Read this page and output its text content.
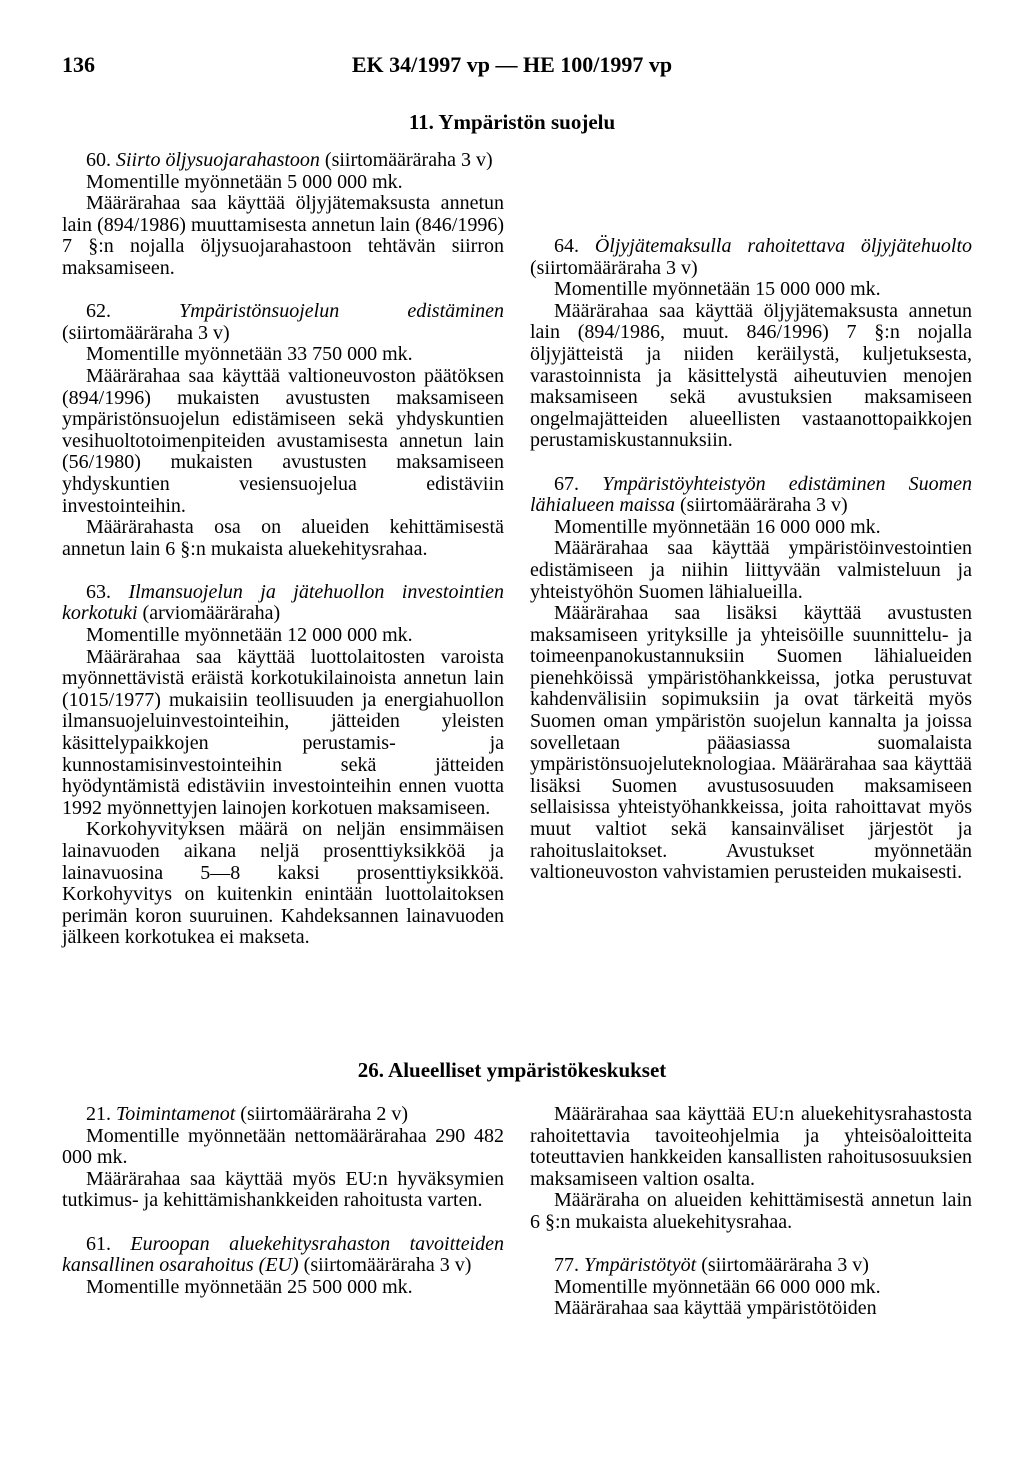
136	EK 34/1997 vp — HE 100/1997 vp
11. Ympäristön suojelu
60. Siirto öljysuojarahastoon (siirtomääräraha 3 v)
Momentille myönnetään 5 000 000 mk.
Määrärahaa saa käyttää öljyjätemaksusta annetun lain (894/1986) muuttamisesta annetun lain (846/1996) 7 §:n nojalla öljysuojarahastoon tehtävän siirron maksamiseen.
62.	Ympäristönsuojelun edistäminen (siirtomääräraha 3 v)
Momentille myönnetään 33 750 000 mk.
Määrärahaa saa käyttää valtioneuvoston päätöksen (894/1996) mukaisten avustusten maksamiseen ympäristönsuojelun edistämiseen sekä yhdyskuntien vesihuoltotoimenpiteiden avustamisesta annetun lain (56/1980) mukaisten avustusten maksamiseen yhdyskuntien vesiensuojelua edistäviin investointeihin.
Määrärahasta osa on alueiden kehittämisestä annetun lain 6 §:n mukaista aluekehitysrahaa.
63. Ilmansuojelun ja jätehuollon investointien korkotuki (arviomääräraha)
Momentille myönnetään 12 000 000 mk.
Määrärahaa saa käyttää luottolaitosten varoista myönnettävistä eräistä korkotukilainoista annetun lain (1015/1977) mukaisiin teollisuuden ja energiahuollon ilmansuojeluinvestointeihin, jätteiden yleisten käsittelypaikkojen perustamis- ja kunnostamisinvestointeihin sekä jätteiden hyödyntämistä edistäviin investointeihin ennen vuotta 1992 myönnettyjen lainojen korkotuen maksamiseen.
Korkohyvityksen määrä on neljän ensimmäisen lainavuoden aikana neljä prosenttiyksikköä ja lainavuosina 5—8 kaksi prosenttiyksikköä. Korkohyvitys on kuitenkin enintään luottolaitoksen perimän koron suuruinen. Kahdeksannen lainavuoden jälkeen korkotukea ei makseta.
64. Öljyjätemaksulla rahoitettava öljyjätehuolto (siirtomääräraha 3 v)
Momentille myönnetään 15 000 000 mk.
Määrärahaa saa käyttää öljyjätemaksusta annetun lain (894/1986, muut. 846/1996) 7 §:n nojalla öljyjätteistä ja niiden keräilystä, kuljetuksesta, varastoinnista ja käsittelystä aiheutuvien menojen maksamiseen sekä avustuksien maksamiseen ongelmajätteiden alueellisten vastaanottopaikkojen perustamiskustannuksiin.
67. Ympäristöyhteistyön edistäminen Suomen lähialueen maissa (siirtomääräraha 3 v)
Momentille myönnetään 16 000 000 mk.
Määrärahaa saa käyttää ympäristöinvestointien edistämiseen ja niihin liittyvään valmisteluun ja yhteistyöhön Suomen lähialueilla.
Määrärahaa saa lisäksi käyttää avustusten maksamiseen yrityksille ja yhteisöille suunnittelu- ja toimeenpanokustannuksiin Suomen lähialueiden pienehköissä ympäristöhankkeissa, jotka perustuvat kahdenvälisiin sopimuksiin ja ovat tärkeitä myös Suomen oman ympäristön suojelun kannalta ja joissa sovelletaan pääasiassa suomalaista ympäristönsuojeluteknologiaa. Määrärahaa saa käyttää lisäksi Suomen avustusosuuden maksamiseen sellaisissa yhteistyöhankkeissa, joita rahoittavat myös muut valtiot sekä kansainväliset järjestöt ja rahoituslaitokset. Avustukset myönnetään valtioneuvoston vahvistamien perusteiden mukaisesti.
26. Alueelliset ympäristökeskukset
21. Toimintamenot (siirtomääräraha 2 v)
Momentille myönnetään nettomäärärahaa 290 482 000 mk.
Määrärahaa saa käyttää myös EU:n hyväksymien tutkimus- ja kehittämishankkeiden rahoitusta varten.
61. Euroopan aluekehitysrahaston tavoitteiden kansallinen osarahoitus (EU) (siirtomääräraha 3 v)
Momentille myönnetään 25 500 000 mk.
Määrärahaa saa käyttää EU:n aluekehitysrahastosta rahoitettavia tavoiteohjelmia ja yhteisöaloitteita toteuttavien hankkeiden kansallisten rahoitusosuuksien maksamiseen valtion osalta.
Määräraha on alueiden kehittämisestä annetun lain 6 §:n mukaista aluekehitysrahaa.
77. Ympäristötyöt (siirtomääräraha 3 v)
Momentille myönnetään 66 000 000 mk.
Määrärahaa saa käyttää ympäristötöiden
